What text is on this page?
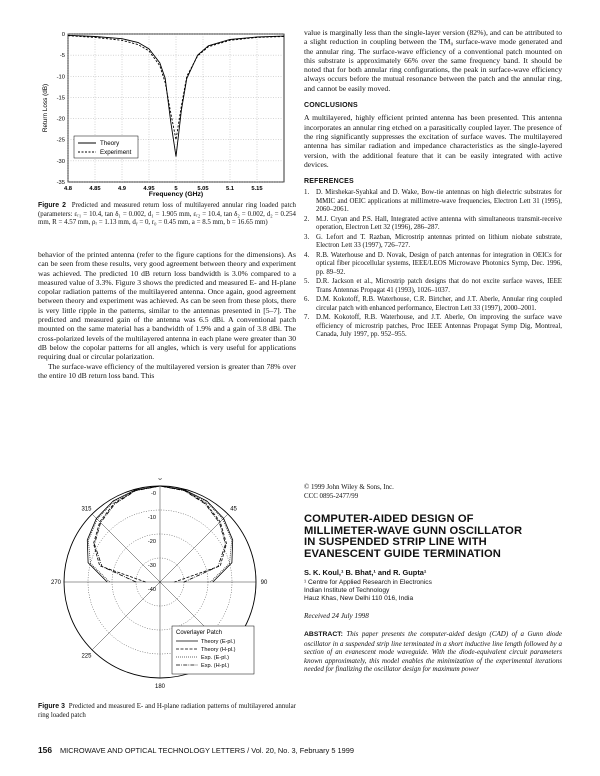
0
-5
-10
-15
-20
-25
-30
-35
4.8	4.85	4.9	4.95	5	5.05	5.1	5.15
Return Loss (dB)
Frequency (GHz)
Theory
Experiment

Figure 2 Predicted and measured return loss of multilayered annular ring loaded patch (parameters: εᵣ₁ = 10.4, tan δ₁ = 0.002, d₁ = 1.905 mm, εᵣ₂ = 10.4, tan δ₂ = 0.002, d₂ = 0.254 mm, R = 4.57 mm, ρᵣ = 1.13 mm, dᵧ = 0, r₀ = 0.45 mm, a = 8.5 mm, b = 16.65 mm)

behavior of the printed antenna (refer to the figure captions for the dimensions). As can be seen from these results, very good agreement between theory and experiment was achieved. The predicted 10 dB return loss bandwidth is 3.0% compared to a measured value of 3.3%. Figure 3 shows the predicted and measured E- and H-plane copolar radiation patterns of the multilayered antenna. Once again, good agreement between theory and experiment was achieved. As can be seen from these plots, there is very little ripple in the patterns, similar to the antennas presented in [5–7]. The predicted and measured gain of the antenna was 6.5 dBi. A conventional patch mounted on the same material has a bandwidth of 1.9% and a gain of 3.8 dBi. The cross-polarized levels of the multilayered antenna in each plane were greater than 30 dB below the copolar patterns for all angles, which is very useful for applications requiring dual or circular polarization.

The surface-wave efficiency of the multilayered version is greater than 78% over the entire 10 dB return loss band. This

-0
-10
-20
-30
-40
0
45
90
180
225
270
315
Coverlayer Patch
Theory (E-pl.)
Theory (H-pl.)
Exp. (E-pl.)
Exp. (H-pl.)

Figure 3 Predicted and measured E- and H-plane radiation patterns of multilayered annular ring loaded patch

value is marginally less than the single-layer version (82%), and can be attributed to a slight reduction in coupling between the TM₀ surface-wave mode generated and the annular ring. The surface-wave efficiency of a conventional patch mounted on this substrate is approximately 66% over the same frequency band. It should be noted that for both annular ring configurations, the peak in surface-wave efficiency always occurs before the mutual resonance between the patch and the annular ring, and cannot be easily moved.

CONCLUSIONS

A multilayered, highly efficient printed antenna has been presented. This antenna incorporates an annular ring etched on a parasitically coupled layer. The presence of the ring significantly suppresses the excitation of surface waves. The multilayered antenna has similar radiation and impedance characteristics as the single-layered version, with the additional feature that it can be easily integrated with active devices.

REFERENCES

1. D. Mirshekar-Syahkal and D. Wake, Bow-tie antennas on high dielectric substrates for MMIC and OEIC applications at millimetre-wave frequencies, Electron Lett 31 (1995), 2060–2061.
2. M.J. Cryan and P.S. Hall, Integrated active antenna with simultaneous transmit-receive operation, Electron Lett 32 (1996), 286–287.
3. G. Lefort and T. Razban, Microstrip antennas printed on lithium niobate substrate, Electron Lett 33 (1997), 726–727.
4. R.B. Waterhouse and D. Novak, Design of patch antennas for integration in OEICs for optical fiber picocellular systems, IEEE/LEOS Microwave Photonics Symp, Dec. 1996, pp. 89–92.
5. D.R. Jackson et al., Microstrip patch designs that do not excite surface waves, IEEE Trans Antennas Propagat 41 (1993), 1026–1037.
6. D.M. Kokotoff, R.B. Waterhouse, C.R. Birtcher, and J.T. Aberle, Annular ring coupled circular patch with enhanced performance, Electron Lett 33 (1997), 2000–2001.
7. D.M. Kokotoff, R.B. Waterhouse, and J.T. Aberle, On improving the surface wave efficiency of microstrip patches, Proc IEEE Antennas Propagat Symp Dig, Montreal, Canada, July 1997, pp. 952–955.

© 1999 John Wiley & Sons, Inc.

CCC 0895-2477/99

COMPUTER-AIDED DESIGN OF

MILLIMETER-WAVE GUNN OSCILLATOR

IN SUSPENDED STRIP LINE WITH

EVANESCENT GUIDE TERMINATION

S. K. Koul,¹ B. Bhat,¹ and R. Gupta¹

¹ Centre for Applied Research in Electronics

Indian Institute of Technology

Hauz Khas, New Delhi 110 016, India

Received 24 July 1998

ABSTRACT: This paper presents the computer-aided design (CAD) of a Gunn diode oscillator in a suspended strip line terminated in a short inductive line length followed by a section of an evanescent mode waveguide. With the diode-equivalent circuit parameters known approximately, this model enables the minimization of the experimental iterations needed for finalizing the oscillator design for maximum power

156 MICROWAVE AND OPTICAL TECHNOLOGY LETTERS / Vol. 20, No. 3, February 5 1999
